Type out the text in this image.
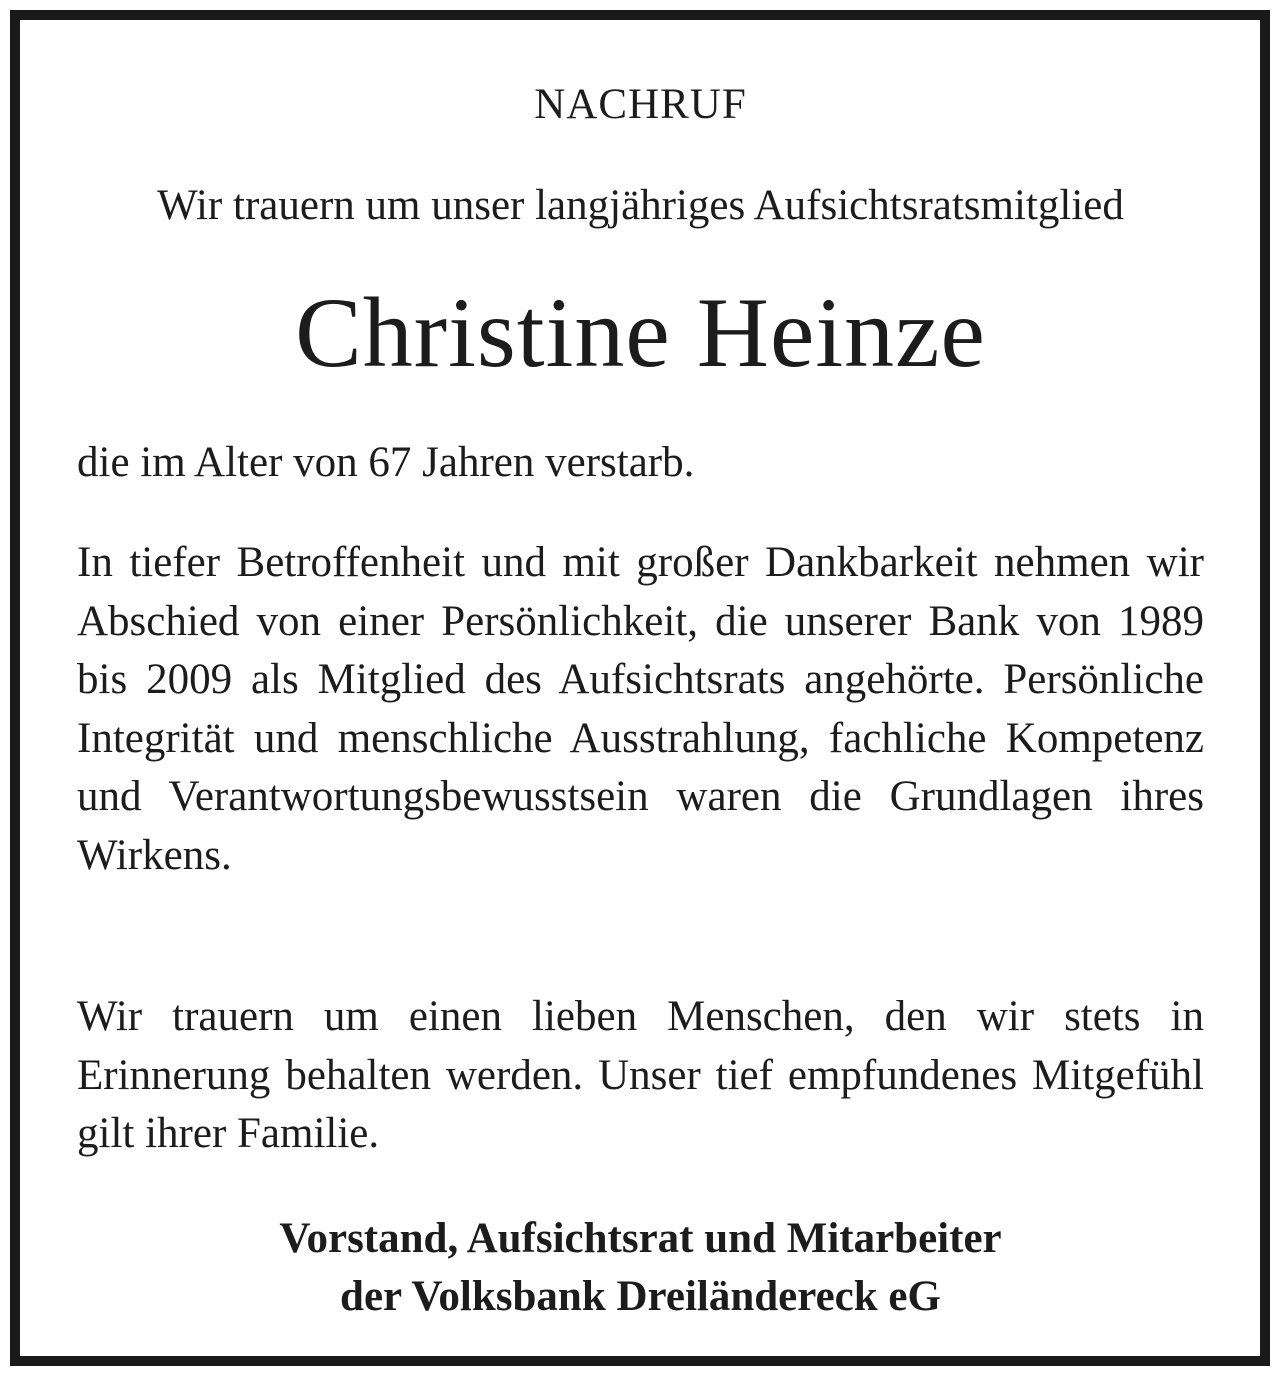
NACHRUF
Wir trauern um unser langjähriges Aufsichtsratsmitglied
Christine Heinze
die im Alter von 67 Jahren verstarb.
In tiefer Betroffenheit und mit großer Dankbarkeit nehmen wir Abschied von einer Persönlichkeit, die unserer Bank von 1989 bis 2009 als Mitglied des Aufsichtsrats angehörte. Persönliche Integrität und menschliche Ausstrahlung, fachliche Kompetenz und Verantwortungsbewusstsein waren die Grundlagen ihres Wirkens.
Wir trauern um einen lieben Menschen, den wir stets in Erinnerung behalten werden. Unser tief empfundenes Mitgefühl gilt ihrer Familie.
Vorstand, Aufsichtsrat und Mitarbeiter
der Volksbank Dreiländereck eG
